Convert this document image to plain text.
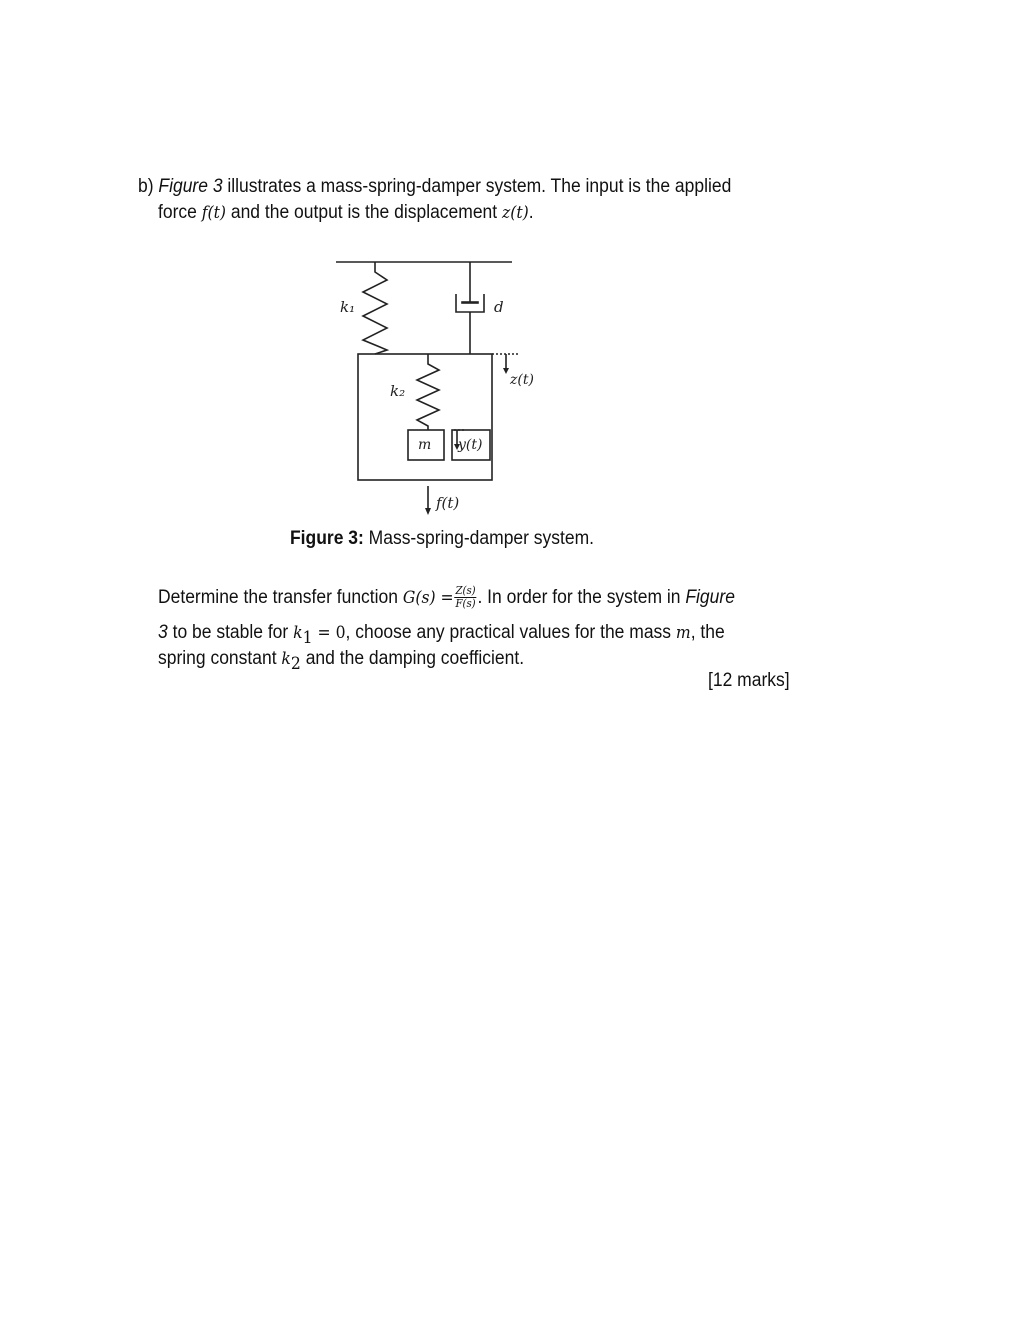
b) Figure 3 illustrates a mass-spring-damper system. The input is the applied
force f(t) and the output is the displacement z(t).
k₁	d
k₂
m y(t)
z(t)
f(t)
Figure 3: Mass-spring-damper system.
Determine the transfer function $G(s) = \frac{Z(s)}{F(s)}$ . In order for the system in Figure
3 to be stable for $k_1 = 0$, choose any practical values for the mass m, the
spring constant $k_2$ and the damping coefficient.
[12 marks]
